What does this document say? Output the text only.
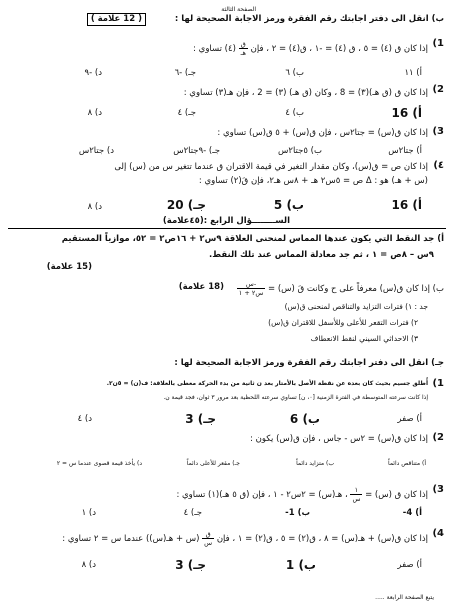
الصفحة الثالثة
ب) انقل الى دفتر اجابتك رقم الفقرة ورمز الاجابة الصحيحة لها :
( 12 علامة )
1)
إذا كان ق (٤) = ٥ ، ق (٤) = -١ ، ق(٤) = ٢ ، فإن
$\frac{\text{ق}}{\text{هـ}}$
(٤) تساوي :
أ) ١١
ب) ٦
جـ) -٦
د) -٩
2)
إذا كان ق (ق هـ)(٣) = 8 ، وكان (ق هـ) (٣) = 2 ، فإن هـ(٣) تساوي :
أ) 16
ب) ٤
جـ) ٤
د) ٨
3)
إذا كان ق(س) = جتا٢س ، فإن ق(س) + ٥ ق(س) تساوي :
أ) جتا٢س
ب) ٥جتا٢س
جـ) -٩جتا٢س
د) جتا٢س
٤)
إذا كان ص = ق(س)، وكان مقدار التغير في قيمة الاقتران ق عندما تتغير س من (س) إلى
(س + هـ) هو : Δ ص = ٥س٢ هـ + ٨س هـ٢، فإن قَ(٢) تساوي :
أ) 16
ب) 5
جـ) 20
د) ٨
الســــــــؤال الرابع :(٤٥علامة)
أ) جد النقط التي يكون عندها المماس لمنحنى العلاقة ٩س٢ + ١٦ص٢ = ٥٢، موازياً المستقيم
٩س – ٨ص = ١ ، ثم جد معادلة المماس عند تلك النقط.
(15 علامة)
ب) إذا كان ق(س) معرفاً على ح وكانت قَ (س) =
$\frac{\text{-س}}{\text{س٢ + ١}}$
(18 علامة)
جد : ١) فترات التزايد والتناقص لمنحنى ق(س)
٢) فترات التقعر للأعلى وللأسفل للاقتران ق(س)
٣) الاحداثي السيني لنقط الانعطاف
جـ) انقل الى دفتر اجابتك رقم الفقرة ورمز الاجابة الصحيحة لها :
1)
أُطلق جسيم بحيث كان بعده عن نقطة الأصل بالأمتار بعد ن ثانية من بدء الحركة معطى بالعلاقة: ف(ن) = ٥ن٢.
إذا كانت سرعته المتوسطة في الفترة الزمنية [٠، ن] تساوي سرعته اللحظية بعد مرور ٣ ثوان، فجد قيمة ن.
أ) صفر
ب) 6
جـ) 3
د) ٤
2)
إذا كان ق(س) = ٢س - جاس ، فإن ق(س) يكون :
أ) متناقص دائماً
ب) متزايد دائماً
جـ) مقعر للأعلى دائماً
د) يأخذ قيمة قصوى عندما س = ٢
3)
إذا كان ق (س) =
$\frac{١}{\text{س}}$
، هـ(س) = ٢س٢ - ١ ، فإن (ق ٥ هـ)(١) تساوي :
أ) 4-
ب) 1-
جـ) ٤
د) ١
4)
إذا كان ق(س) + هـ(س) = ٨ ، ق(٢) = ٥ ، ق(٢) = ١ ، فإن
$\frac{\text{ق}}{\text{س}}$
(س + هـ(س)) عندما س = ٢ تساوي :
أ) صفر
ب) 1
جـ) 3
د) ٨
يتبع الصفحة الرابعة .....
